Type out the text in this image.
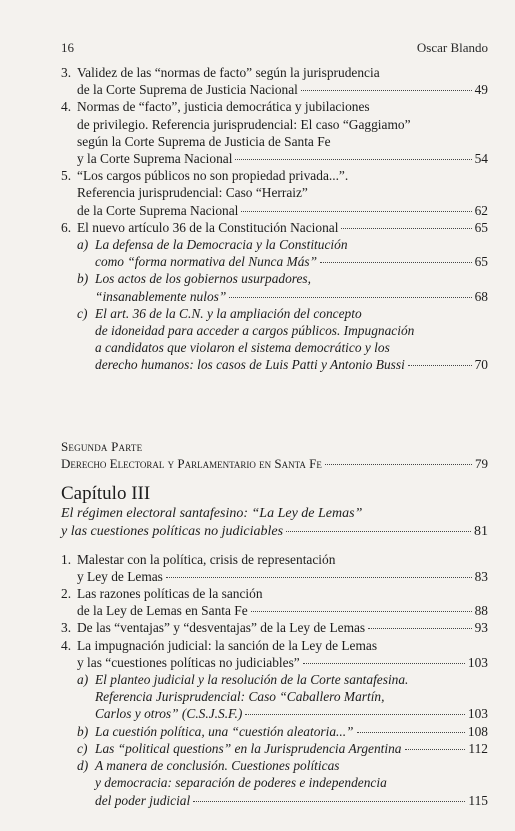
16	Oscar Blando
3. Validez de las “normas de facto” según la jurisprudencia
de la Corte Suprema de Justicia Nacional	49
4. Normas de “facto”, justicia democrática y jubilaciones
de privilegio. Referencia jurisprudencial: El caso “Gaggiamo”
según la Corte Suprema de Justicia de Santa Fe
y la Corte Suprema Nacional	54
5. “Los cargos públicos no son propiedad privada...”.
Referencia jurisprudencial: Caso “Herraiz”
de la Corte Suprema Nacional	62
6. El nuevo artículo 36 de la Constitución Nacional	65
a) La defensa de la Democracia y la Constitución
como “forma normativa del Nunca Más”	65
b) Los actos de los gobiernos usurpadores,
“insanablemente nulos”	68
c) El art. 36 de la C.N. y la ampliación del concepto
de idoneidad para acceder a cargos públicos. Impugnación
a candidatos que violaron el sistema democrático y los
derecho humanos: los casos de Luis Patti y Antonio Bussi	70
Segunda Parte
Derecho Electoral y Parlamentario en Santa Fe	79
Capítulo III
El régimen electoral santafesino: “La Ley de Lemas”
y las cuestiones políticas no judiciables	81
1. Malestar con la política, crisis de representación
y Ley de Lemas	83
2. Las razones políticas de la sanción
de la Ley de Lemas en Santa Fe	88
3. De las “ventajas” y “desventajas” de la Ley de Lemas	93
4. La impugnación judicial: la sanción de la Ley de Lemas
y las “cuestiones políticas no judiciables”	103
a) El planteo judicial y la resolución de la Corte santafesina.
Referencia Jurisprudencial: Caso “Caballero Martín,
Carlos y otros” (C.S.J.S.F.)	103
b) La cuestión política, una “cuestión aleatoria...”	108
c) Las “political questions” en la Jurisprudencia Argentina	112
d) A manera de conclusión. Cuestiones políticas
y democracia: separación de poderes e independencia
del poder judicial	115
